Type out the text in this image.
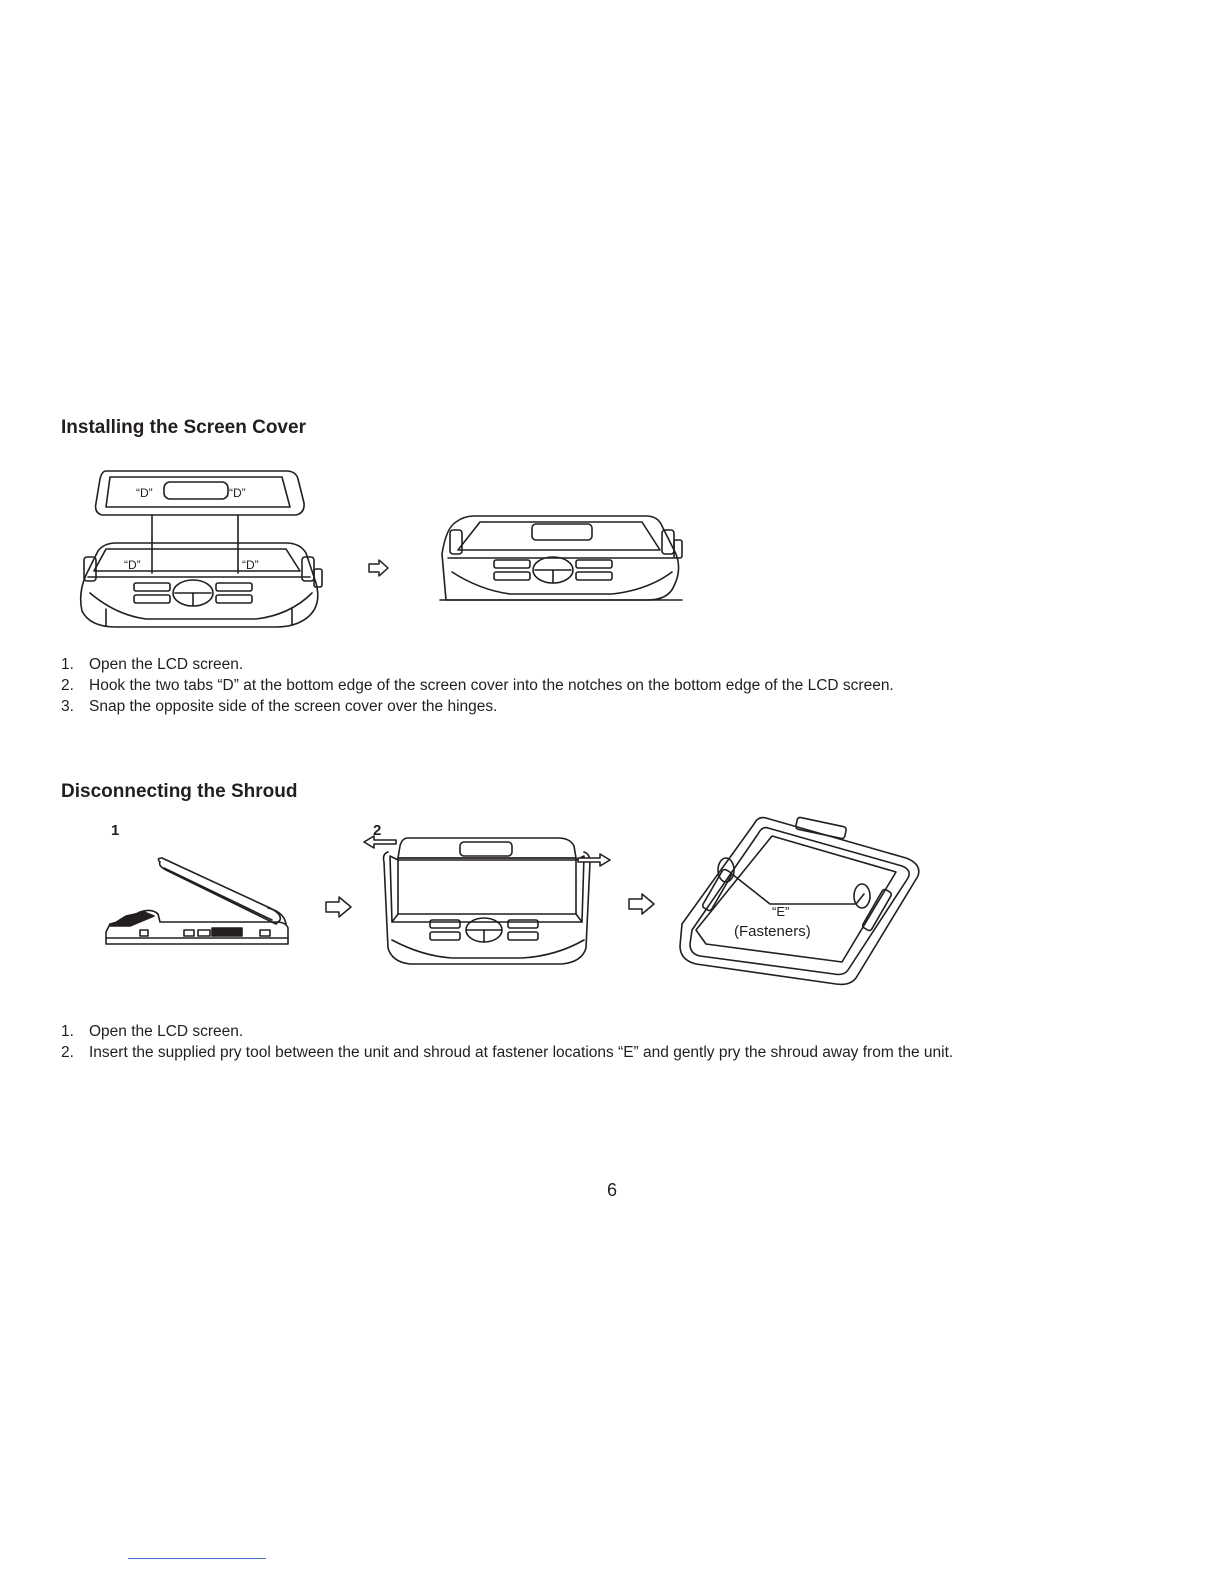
Installing the Screen Cover
“D”	“D”
“D”	“D”
1. Open the LCD screen.
2. Hook the two tabs “D” at the bottom edge of the screen cover into the notches on the bottom edge of the LCD screen.
3. Snap the opposite side of the screen cover over the hinges.
Disconnecting the Shroud
1	2
“E”
(Fasteners)
1. Open the LCD screen.
2. Insert the supplied pry tool between the unit and shroud at fastener locations “E” and gently pry the shroud away from the unit.
6
